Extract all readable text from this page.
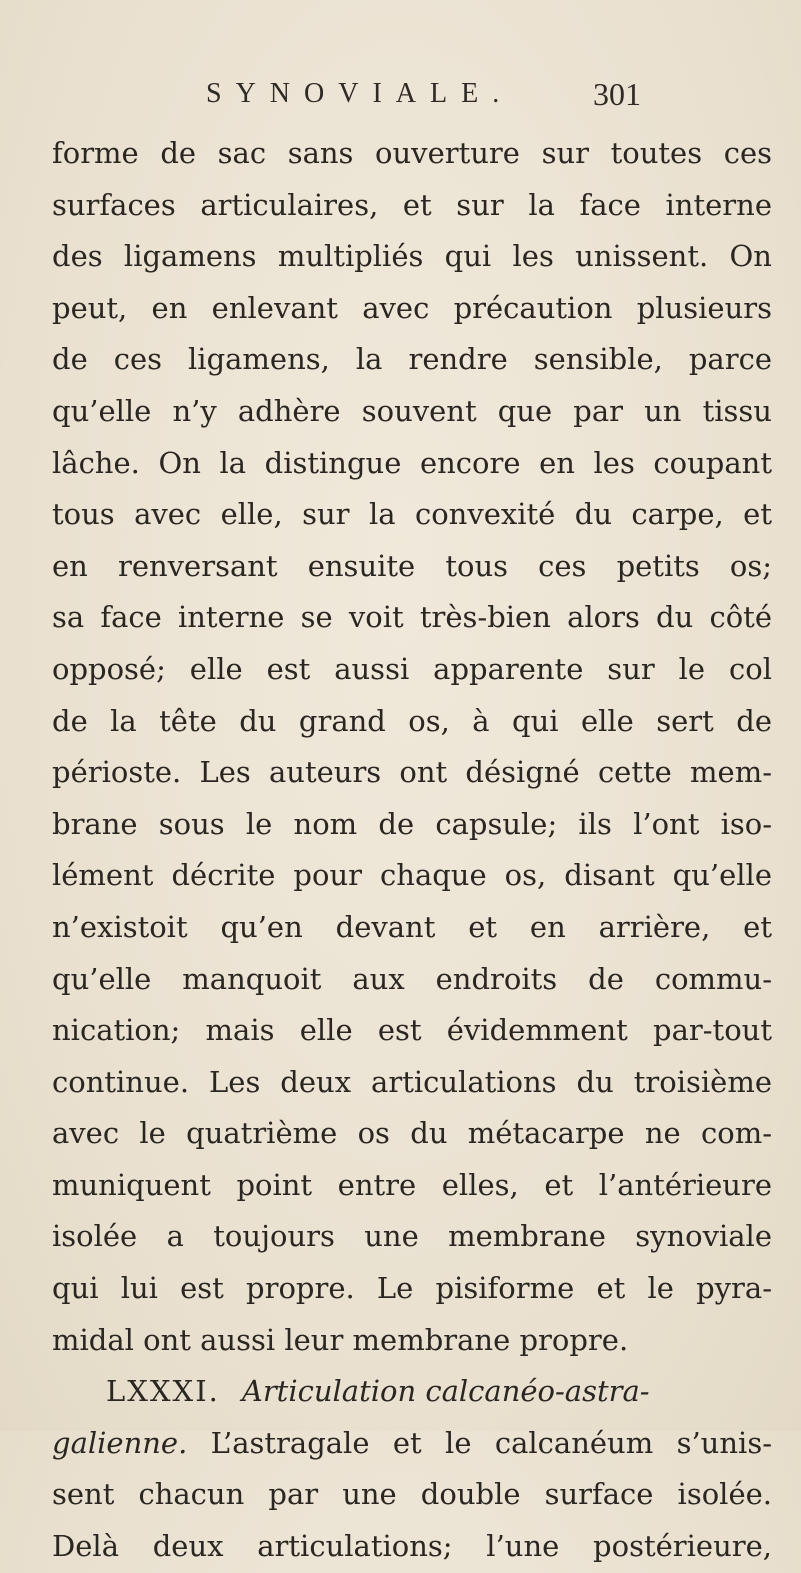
SYNOVIALE.	301
forme de sac sans ouverture sur toutes ces
surfaces articulaires, et sur la face interne
des ligamens multipliés qui les unissent. On
peut, en enlevant avec précaution plusieurs
de ces ligamens, la rendre sensible, parce
qu’elle n’y adhère souvent que par un tissu
lâche. On la distingue encore en les coupant
tous avec elle, sur la convexité du carpe, et
en renversant ensuite tous ces petits os;
sa face interne se voit très-bien alors du côté
opposé; elle est aussi apparente sur le col
de la tête du grand os, à qui elle sert de
périoste. Les auteurs ont désigné cette mem-
brane sous le nom de capsule; ils l’ont iso-
lément décrite pour chaque os, disant qu’elle
n’existoit qu’en devant et en arrière, et
qu’elle manquoit aux endroits de commu-
nication; mais elle est évidemment par-tout
continue. Les deux articulations du troisième
avec le quatrième os du métacarpe ne com-
muniquent point entre elles, et l’antérieure
isolée a toujours une membrane synoviale
qui lui est propre. Le pisiforme et le pyra-
midal ont aussi leur membrane propre.
LXXXI. Articulation calcanéo-astra-
galienne. L’astragale et le calcanéum s’unis-
sent chacun par une double surface isolée.
Delà deux articulations; l’une postérieure,
